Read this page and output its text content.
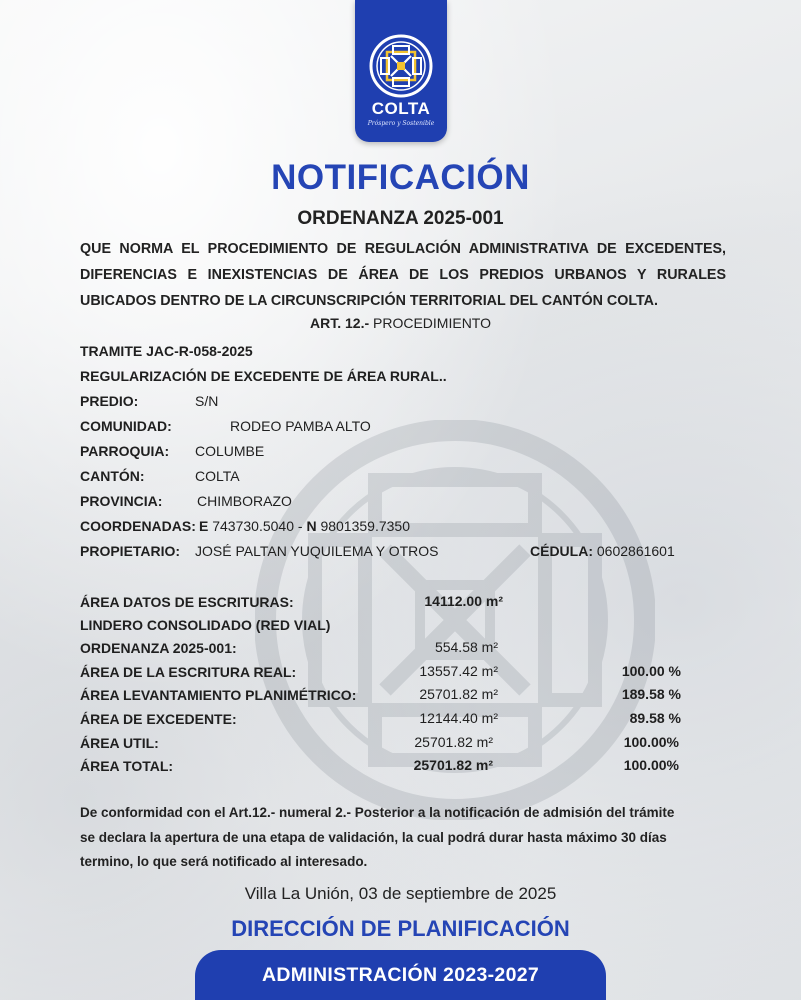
COLTA
Próspero y Sostenible
NOTIFICACIÓN
ORDENANZA 2025-001
QUE NORMA EL PROCEDIMIENTO DE REGULACIÓN ADMINISTRATIVA DE EXCEDENTES, DIFERENCIAS E INEXISTENCIAS DE ÁREA DE LOS PREDIOS URBANOS Y RURALES UBICADOS DENTRO DE LA CIRCUNSCRIPCIÓN TERRITORIAL DEL CANTÓN COLTA.
ART. 12.- PROCEDIMIENTO
TRAMITE JAC-R-058-2025
REGULARIZACIÓN DE EXCEDENTE DE ÁREA RURAL..
PREDIO:	S/N
COMUNIDAD:	RODEO PAMBA ALTO
PARROQUIA: COLUMBE
CANTÓN:	COLTA
PROVINCIA: CHIMBORAZO
COORDENADAS: E 743730.5040 - N 9801359.7350
PROPIETARIO: JOSÉ PALTAN YUQUILEMA Y OTROS	CÉDULA: 0602861601
ÁREA DATOS DE ESCRITURAS:	14112.00 m²
LINDERO CONSOLIDADO (RED VIAL)
ORDENANZA 2025-001:	554.58 m²
ÁREA DE LA ESCRITURA REAL:	13557.42 m²	100.00 %
ÁREA LEVANTAMIENTO PLANIMÉTRICO:	25701.82 m²	189.58 %
ÁREA DE EXCEDENTE:	12144.40 m²	89.58 %
ÁREA UTIL:	25701.82 m²	100.00%
ÁREA TOTAL:	25701.82 m²	100.00%
De conformidad con el Art.12.- numeral 2.- Posterior a la notificación de admisión del trámite se declara la apertura de una etapa de validación, la cual podrá durar hasta máximo 30 días termino, lo que será notificado al interesado.
Villa La Unión, 03 de septiembre de 2025
DIRECCIÓN DE PLANIFICACIÓN
ADMINISTRACIÓN 2023-2027
